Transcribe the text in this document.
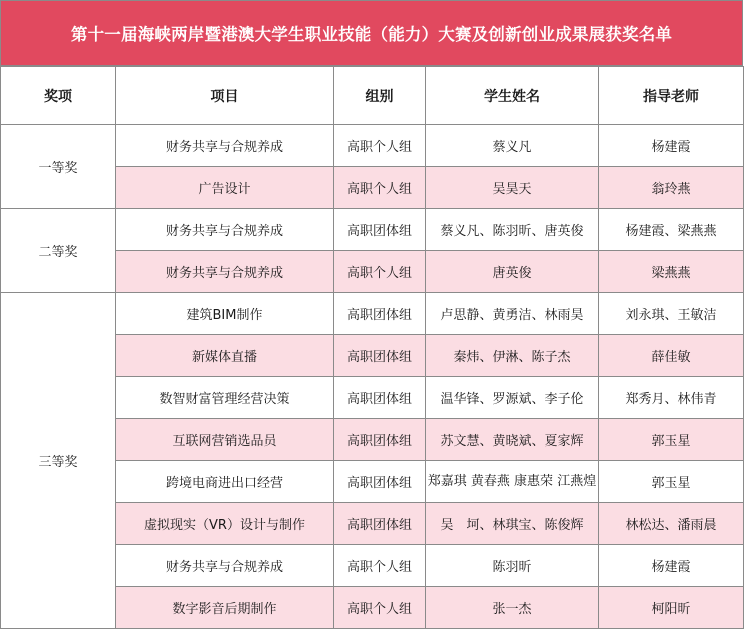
第十一届海峡两岸暨港澳大学生职业技能（能力）大赛及创新创业成果展获奖名单
奖项	项目	组别	学生姓名	指导老师
一等奖	财务共享与合规养成	高职个人组	蔡义凡	杨建霞
	广告设计	高职个人组	吴昊天	翁玲燕
二等奖	财务共享与合规养成	高职团体组	蔡义凡、陈羽昕、唐英俊	杨建霞、梁燕燕
	财务共享与合规养成	高职个人组	唐英俊	梁燕燕
三等奖	建筑BIM制作	高职团体组	卢思静、黄勇洁、林雨昊	刘永琪、王敏洁
	新媒体直播	高职团体组	秦炜、伊淋、陈子杰	薛佳敏
	数智财富管理经营决策	高职团体组	温华锋、罗源斌、李子伦	郑秀月、林伟青
	互联网营销选品员	高职团体组	苏文慧、黄晓斌、夏家辉	郭玉星
	跨境电商进出口经营	高职团体组	郑嘉琪 黄春燕 康惠荣 江燕煌	郭玉星
	虚拟现实（VR）设计与制作	高职团体组	吴　坷、林琪宝、陈俊辉	林松达、潘雨晨
	财务共享与合规养成	高职个人组	陈羽昕	杨建霞
	数字影音后期制作	高职个人组	张一杰	柯阳昕
